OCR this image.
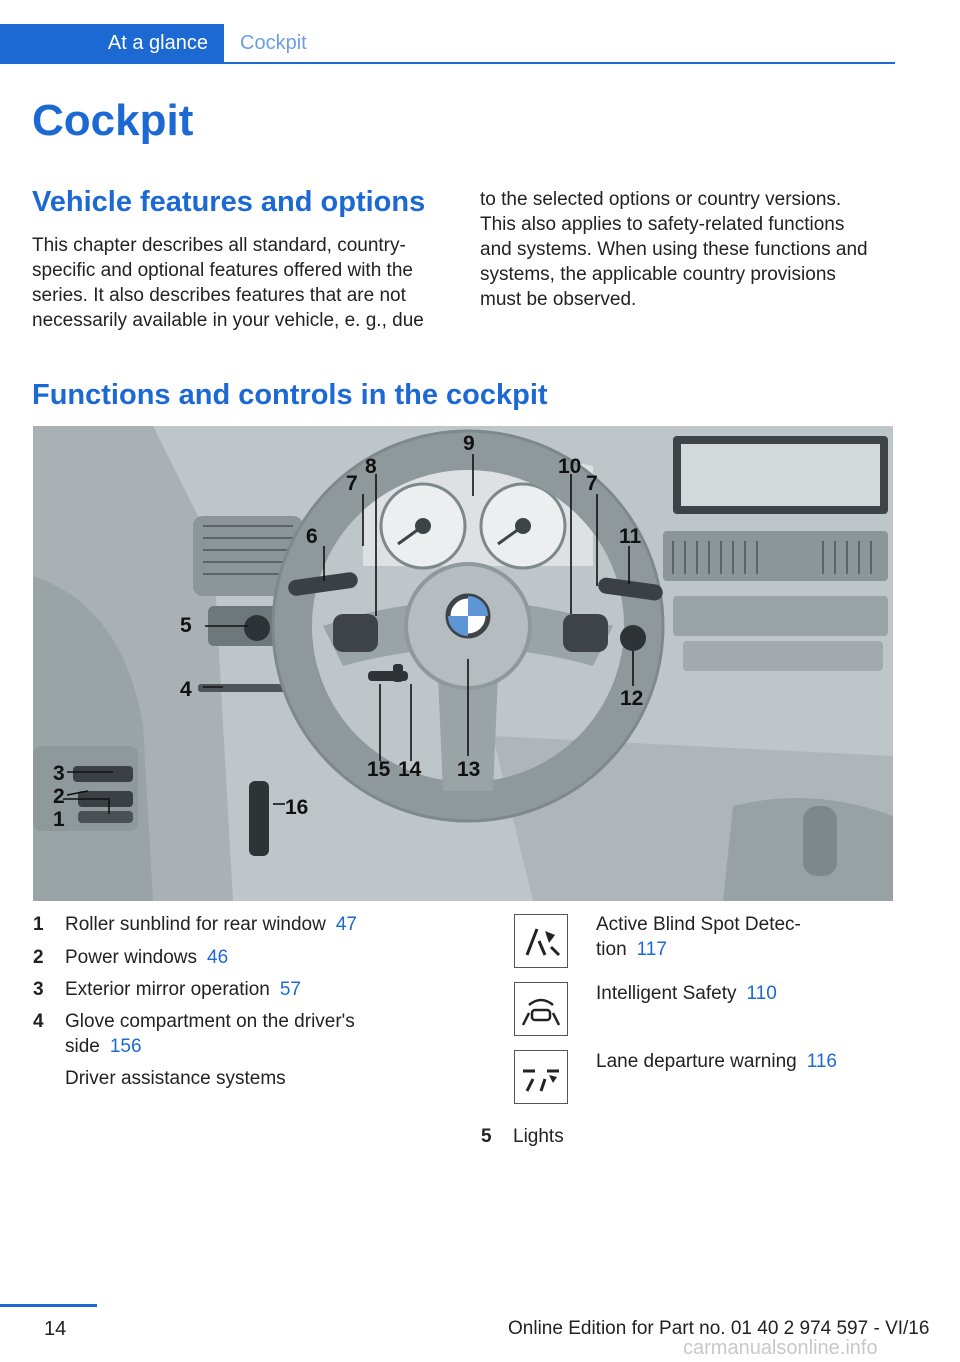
At a glance	Cockpit
Cockpit
Vehicle features and options
This chapter describes all standard, country-
specific and optional features offered with the
series. It also describes features that are not
necessarily available in your vehicle, e. g., due
to the selected options or country versions.
This also applies to safety-related functions
and systems. When using these functions and
systems, the applicable country provisions
must be observed.
Functions and controls in the cockpit
1
2
3
4
5
6
7
8
9
10
7
11
12
13
14
15
16
1 Roller sunblind for rear window 47
2 Power windows 46
3 Exterior mirror operation 57
4 Glove compartment on the driver's
side 156
Driver assistance systems
Active Blind Spot Detec-
tion 117
Intelligent Safety 110
Lane departure warning 116
5 Lights
14	Online Edition for Part no. 01 40 2 974 597 - VI/16
carmanualsonline.info
